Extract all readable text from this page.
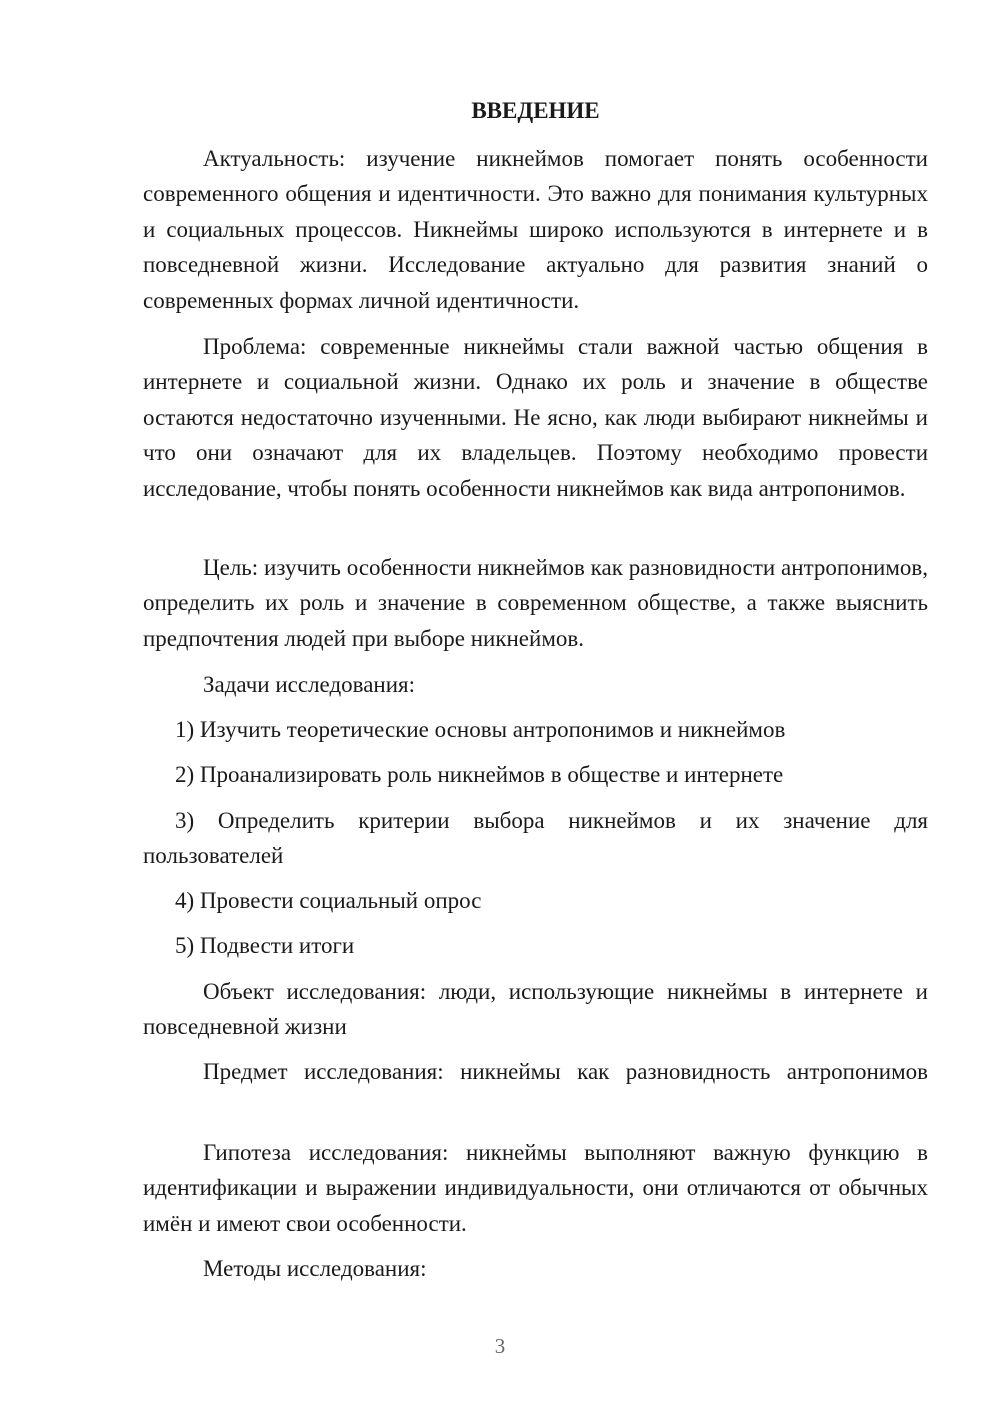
ВВЕДЕНИЕ

Актуальность: изучение никнеймов помогает понять особенности современного общения и идентичности. Это важно для понимания культурных и социальных процессов. Никнеймы широко используются в интернете и в повседневной жизни. Исследование актуально для развития знаний о современных формах личной идентичности.

Проблема: современные никнеймы стали важной частью общения в интернете и социальной жизни. Однако их роль и значение в обществе остаются недостаточно изученными. Не ясно, как люди выбирают никнеймы и что они означают для их владельцев. Поэтому необходимо провести исследование, чтобы понять особенности никнеймов как вида антропонимов.

Цель: изучить особенности никнеймов как разновидности антропонимов, определить их роль и значение в современном обществе, а также выяснить предпочтения людей при выборе никнеймов.

Задачи исследования:

1) Изучить теоретические основы антропонимов и никнеймов

2) Проанализировать роль никнеймов в обществе и интернете

3) Определить критерии выбора никнеймов и их значение для пользователей

4) Провести социальный опрос

5) Подвести итоги

Объект исследования: люди, использующие никнеймы в интернете и повседневной жизни

Предмет исследования: никнеймы как разновидность антропонимов

Гипотеза исследования: никнеймы выполняют важную функцию в идентификации и выражении индивидуальности, они отличаются от обычных имён и имеют свои особенности.

Методы исследования:

3
